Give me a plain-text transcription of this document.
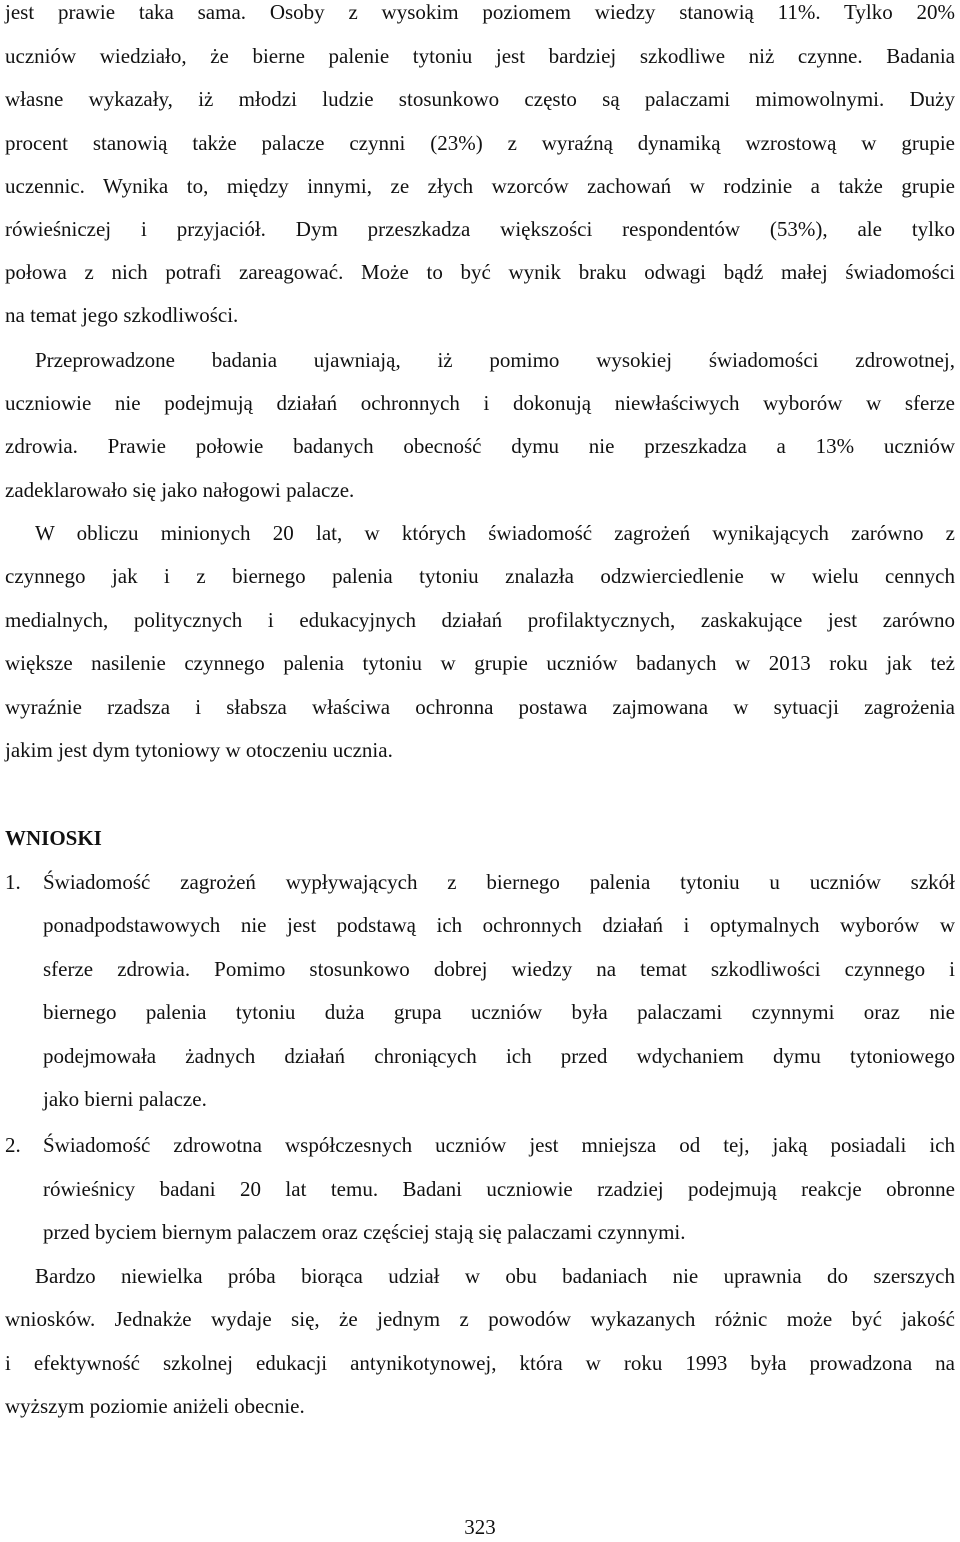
jest prawie taka sama. Osoby z wysokim poziomem wiedzy stanowią 11%. Tylko 20%
uczniów wiedziało, że bierne palenie tytoniu jest bardziej szkodliwe niż czynne. Badania
własne wykazały, iż młodzi ludzie stosunkowo często są palaczami mimowolnymi. Duży
procent stanowią także palacze czynni (23%) z wyraźną dynamiką wzrostową w grupie
uczennic. Wynika to, między innymi, ze złych wzorców zachowań w rodzinie a także grupie
rówieśniczej i przyjaciół. Dym przeszkadza większości respondentów (53%), ale tylko
połowa z nich potrafi zareagować. Może to być wynik braku odwagi bądź małej świadomości
na temat jego szkodliwości.
Przeprowadzone badania ujawniają, iż pomimo wysokiej świadomości zdrowotnej,
uczniowie nie podejmują działań ochronnych i dokonują niewłaściwych wyborów w sferze
zdrowia. Prawie połowie badanych obecność dymu nie przeszkadza a 13% uczniów
zadeklarowało się jako nałogowi palacze.
W obliczu minionych 20 lat, w których świadomość zagrożeń wynikających zarówno z
czynnego jak i z biernego palenia tytoniu znalazła odzwierciedlenie w wielu cennych
medialnych, politycznych i edukacyjnych działań profilaktycznych, zaskakujące jest zarówno
większe nasilenie czynnego palenia tytoniu w grupie uczniów badanych w 2013 roku jak też
wyraźnie rzadsza i słabsza właściwa ochronna postawa zajmowana w sytuacji zagrożenia
jakim jest dym tytoniowy w otoczeniu ucznia.
WNIOSKI
1. Świadomość zagrożeń wypływających z biernego palenia tytoniu u uczniów szkół
ponadpodstawowych nie jest podstawą ich ochronnych działań i optymalnych wyborów w
sferze zdrowia. Pomimo stosunkowo dobrej wiedzy na temat szkodliwości czynnego i
biernego palenia tytoniu duża grupa uczniów była palaczami czynnymi oraz nie
podejmowała żadnych działań chroniących ich przed wdychaniem dymu tytoniowego
jako bierni palacze.
2. Świadomość zdrowotna współczesnych uczniów jest mniejsza od tej, jaką posiadali ich
rówieśnicy badani 20 lat temu. Badani uczniowie rzadziej podejmują reakcje obronne
przed byciem biernym palaczem oraz częściej stają się palaczami czynnymi.
Bardzo niewielka próba biorąca udział w obu badaniach nie uprawnia do szerszych
wniosków. Jednakże wydaje się, że jednym z powodów wykazanych różnic może być jakość
i efektywność szkolnej edukacji antynikotynowej, która w roku 1993 była prowadzona na
wyższym poziomie aniżeli obecnie.
323
